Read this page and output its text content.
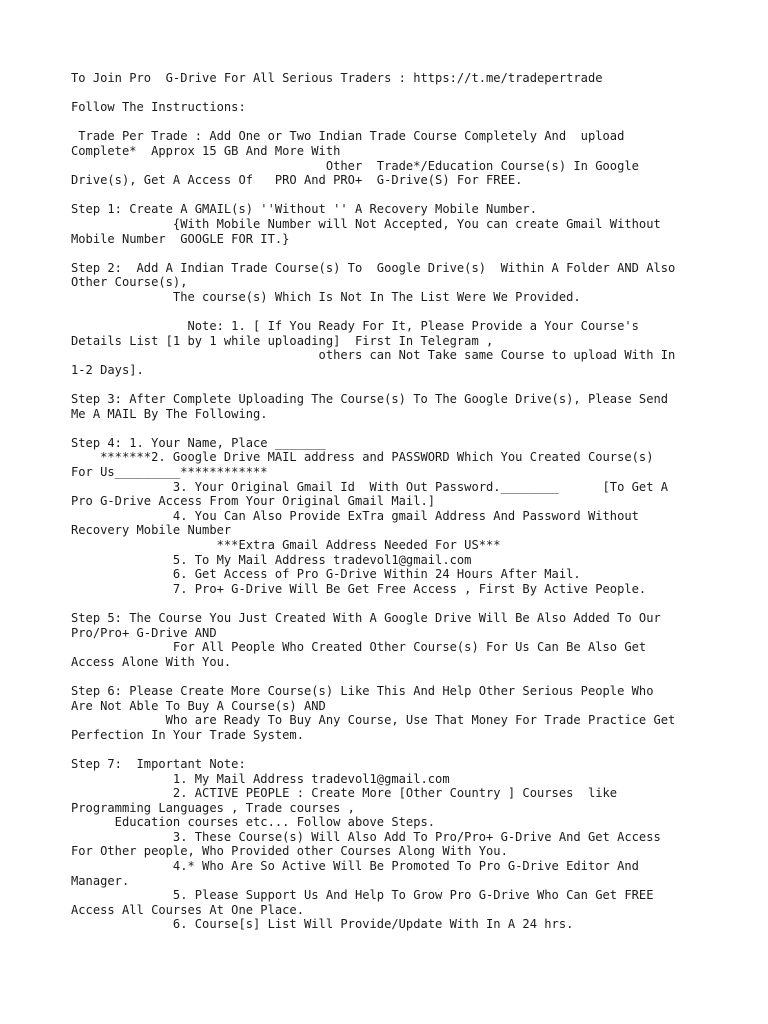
To Join Pro  G-Drive For All Serious Traders : https://t.me/tradepertrade
Follow The Instructions:
Trade Per Trade : Add One or Two Indian Trade Course Completely And  upload
Complete*  Approx 15 GB And More With
Other  Trade*/Education Course(s) In Google
Drive(s), Get A Access Of   PRO And PRO+  G-Drive(S) For FREE.
Step 1: Create A GMAIL(s) ''Without '' A Recovery Mobile Number.
{With Mobile Number will Not Accepted, You can create Gmail Without
Mobile Number  GOOGLE FOR IT.}
Step 2:  Add A Indian Trade Course(s) To  Google Drive(s)  Within A Folder AND Also
Other Course(s),
The course(s) Which Is Not In The List Were We Provided.
Note: 1. [ If You Ready For It, Please Provide a Your Course's
Details List [1 by 1 while uploading]  First In Telegram ,
others can Not Take same Course to upload With In
1-2 Days].
Step 3: After Complete Uploading The Course(s) To The Google Drive(s), Please Send
Me A MAIL By The Following.
Step 4: 1. Your Name, Place _______
*******2. Google Drive MAIL address and PASSWORD Which You Created Course(s)
For Us_________************
3. Your Original Gmail Id  With Out Password.________      [To Get A
Pro G-Drive Access From Your Original Gmail Mail.]
4. You Can Also Provide ExTra gmail Address And Password Without
Recovery Mobile Number
***Extra Gmail Address Needed For US***
5. To My Mail Address tradevol1@gmail.com
6. Get Access of Pro G-Drive Within 24 Hours After Mail.
7. Pro+ G-Drive Will Be Get Free Access , First By Active People.
Step 5: The Course You Just Created With A Google Drive Will Be Also Added To Our
Pro/Pro+ G-Drive AND
For All People Who Created Other Course(s) For Us Can Be Also Get
Access Alone With You.
Step 6: Please Create More Course(s) Like This And Help Other Serious People Who
Are Not Able To Buy A Course(s) AND
Who are Ready To Buy Any Course, Use That Money For Trade Practice Get
Perfection In Your Trade System.
Step 7:  Important Note:
1. My Mail Address tradevol1@gmail.com
2. ACTIVE PEOPLE : Create More [Other Country ] Courses  like
Programming Languages , Trade courses ,
Education courses etc... Follow above Steps.
3. These Course(s) Will Also Add To Pro/Pro+ G-Drive And Get Access
For Other people, Who Provided other Courses Along With You.
4.* Who Are So Active Will Be Promoted To Pro G-Drive Editor And
Manager.
5. Please Support Us And Help To Grow Pro G-Drive Who Can Get FREE
Access All Courses At One Place.
6. Course[s] List Will Provide/Update With In A 24 hrs.
